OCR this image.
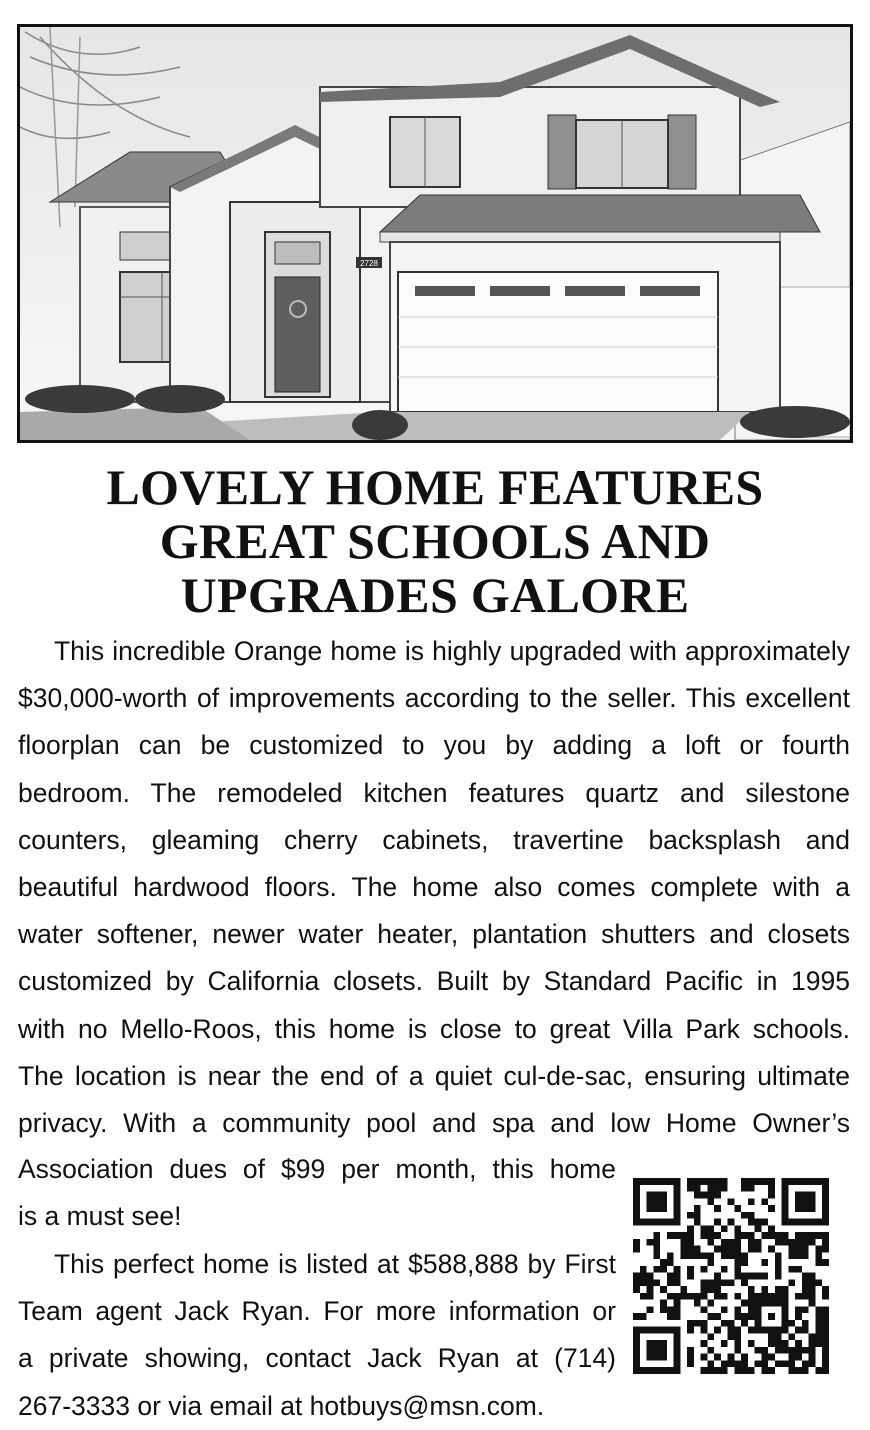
2728
LOVELY HOME FEATURES
GREAT SCHOOLS AND
UPGRADES GALORE
This incredible Orange home is highly upgraded with approximately
$30,000-worth of improvements according to the seller. This excellent
floorplan can be customized to you by adding a loft or fourth
bedroom. The remodeled kitchen features quartz and silestone
counters, gleaming cherry cabinets, travertine backsplash and
beautiful hardwood floors. The home also comes complete with a
water softener, newer water heater, plantation shutters and closets
customized by California closets. Built by Standard Pacific in 1995
with no Mello-Roos, this home is close to great Villa Park schools.
The location is near the end of a quiet cul-de-sac, ensuring ultimate
privacy. With a community pool and spa and low Home Owner’s
Association dues of $99 per month, this home
is a must see!
This perfect home is listed at $588,888 by First
Team agent Jack Ryan. For more information or
a private showing, contact Jack Ryan at (714)
267-3333 or via email at hotbuys@msn.com.
